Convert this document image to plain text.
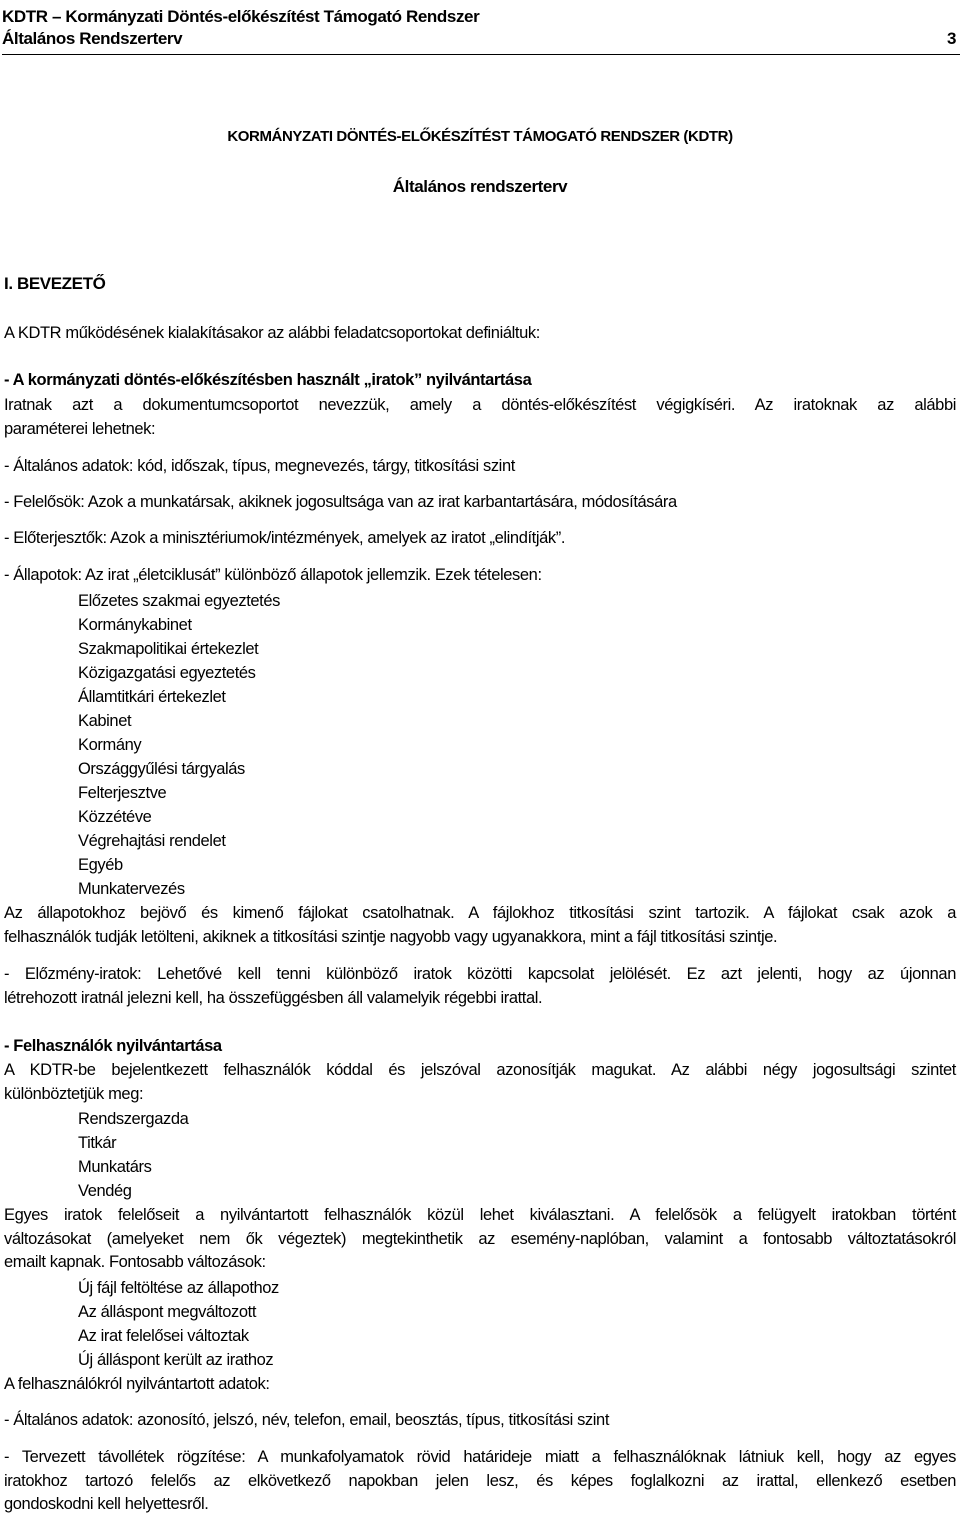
KDTR – Kormányzati Döntés-előkészítést Támogató Rendszer
Általános Rendszerterv	3
KORMÁNYZATI DÖNTÉS-ELŐKÉSZÍTÉST TÁMOGATÓ RENDSZER (KDTR)
Általános rendszerterv
I. BEVEZETŐ
A KDTR működésének kialakításakor az alábbi feladatcsoportokat definiáltuk:
- A kormányzati döntés-előkészítésben használt „iratok” nyilvántartása
Iratnak azt a dokumentumcsoportot nevezzük, amely a döntés-előkészítést végigkíséri. Az iratoknak az alábbi
paraméterei lehetnek:
- Általános adatok: kód, időszak, típus, megnevezés, tárgy, titkosítási szint
- Felelősök: Azok a munkatársak, akiknek jogosultsága van az irat karbantartására, módosítására
- Előterjesztők: Azok a minisztériumok/intézmények, amelyek az iratot „elindítják”.
- Állapotok: Az irat „életciklusát” különböző állapotok jellemzik. Ezek tételesen:
Előzetes szakmai egyeztetés
Kormánykabinet
Szakmapolitikai értekezlet
Közigazgatási egyeztetés
Államtitkári értekezlet
Kabinet
Kormány
Országgyűlési tárgyalás
Felterjesztve
Közzétéve
Végrehajtási rendelet
Egyéb
Munkatervezés
Az állapotokhoz bejövő és kimenő fájlokat csatolhatnak. A fájlokhoz titkosítási szint tartozik. A fájlokat csak azok a
felhasználók tudják letölteni, akiknek a titkosítási szintje nagyobb vagy ugyanakkora, mint a fájl titkosítási szintje.
- Előzmény-iratok: Lehetővé kell tenni különböző iratok közötti kapcsolat jelölését. Ez azt jelenti, hogy az újonnan
létrehozott iratnál jelezni kell, ha összefüggésben áll valamelyik régebbi irattal.
- Felhasználók nyilvántartása
A KDTR-be bejelentkezett felhasználók kóddal és jelszóval azonosítják magukat. Az alábbi négy jogosultsági szintet
különböztetjük meg:
Rendszergazda
Titkár
Munkatárs
Vendég
Egyes iratok felelőseit a nyilvántartott felhasználók közül lehet kiválasztani. A felelősök a felügyelt iratokban történt
változásokat (amelyeket nem ők végeztek) megtekinthetik az esemény-naplóban, valamint a fontosabb változtatásokról
emailt kapnak. Fontosabb változások:
Új fájl feltöltése az állapothoz
Az álláspont megváltozott
Az irat felelősei változtak
Új álláspont került az irathoz
A felhasználókról nyilvántartott adatok:
- Általános adatok: azonosító, jelszó, név, telefon, email, beosztás, típus, titkosítási szint
- Tervezett távollétek rögzítése: A munkafolyamatok rövid határideje miatt a felhasználóknak látniuk kell, hogy az egyes
iratokhoz tartozó felelős az elkövetkező napokban jelen lesz, és képes foglalkozni az irattal, ellenkező esetben
gondoskodni kell helyettesről.
